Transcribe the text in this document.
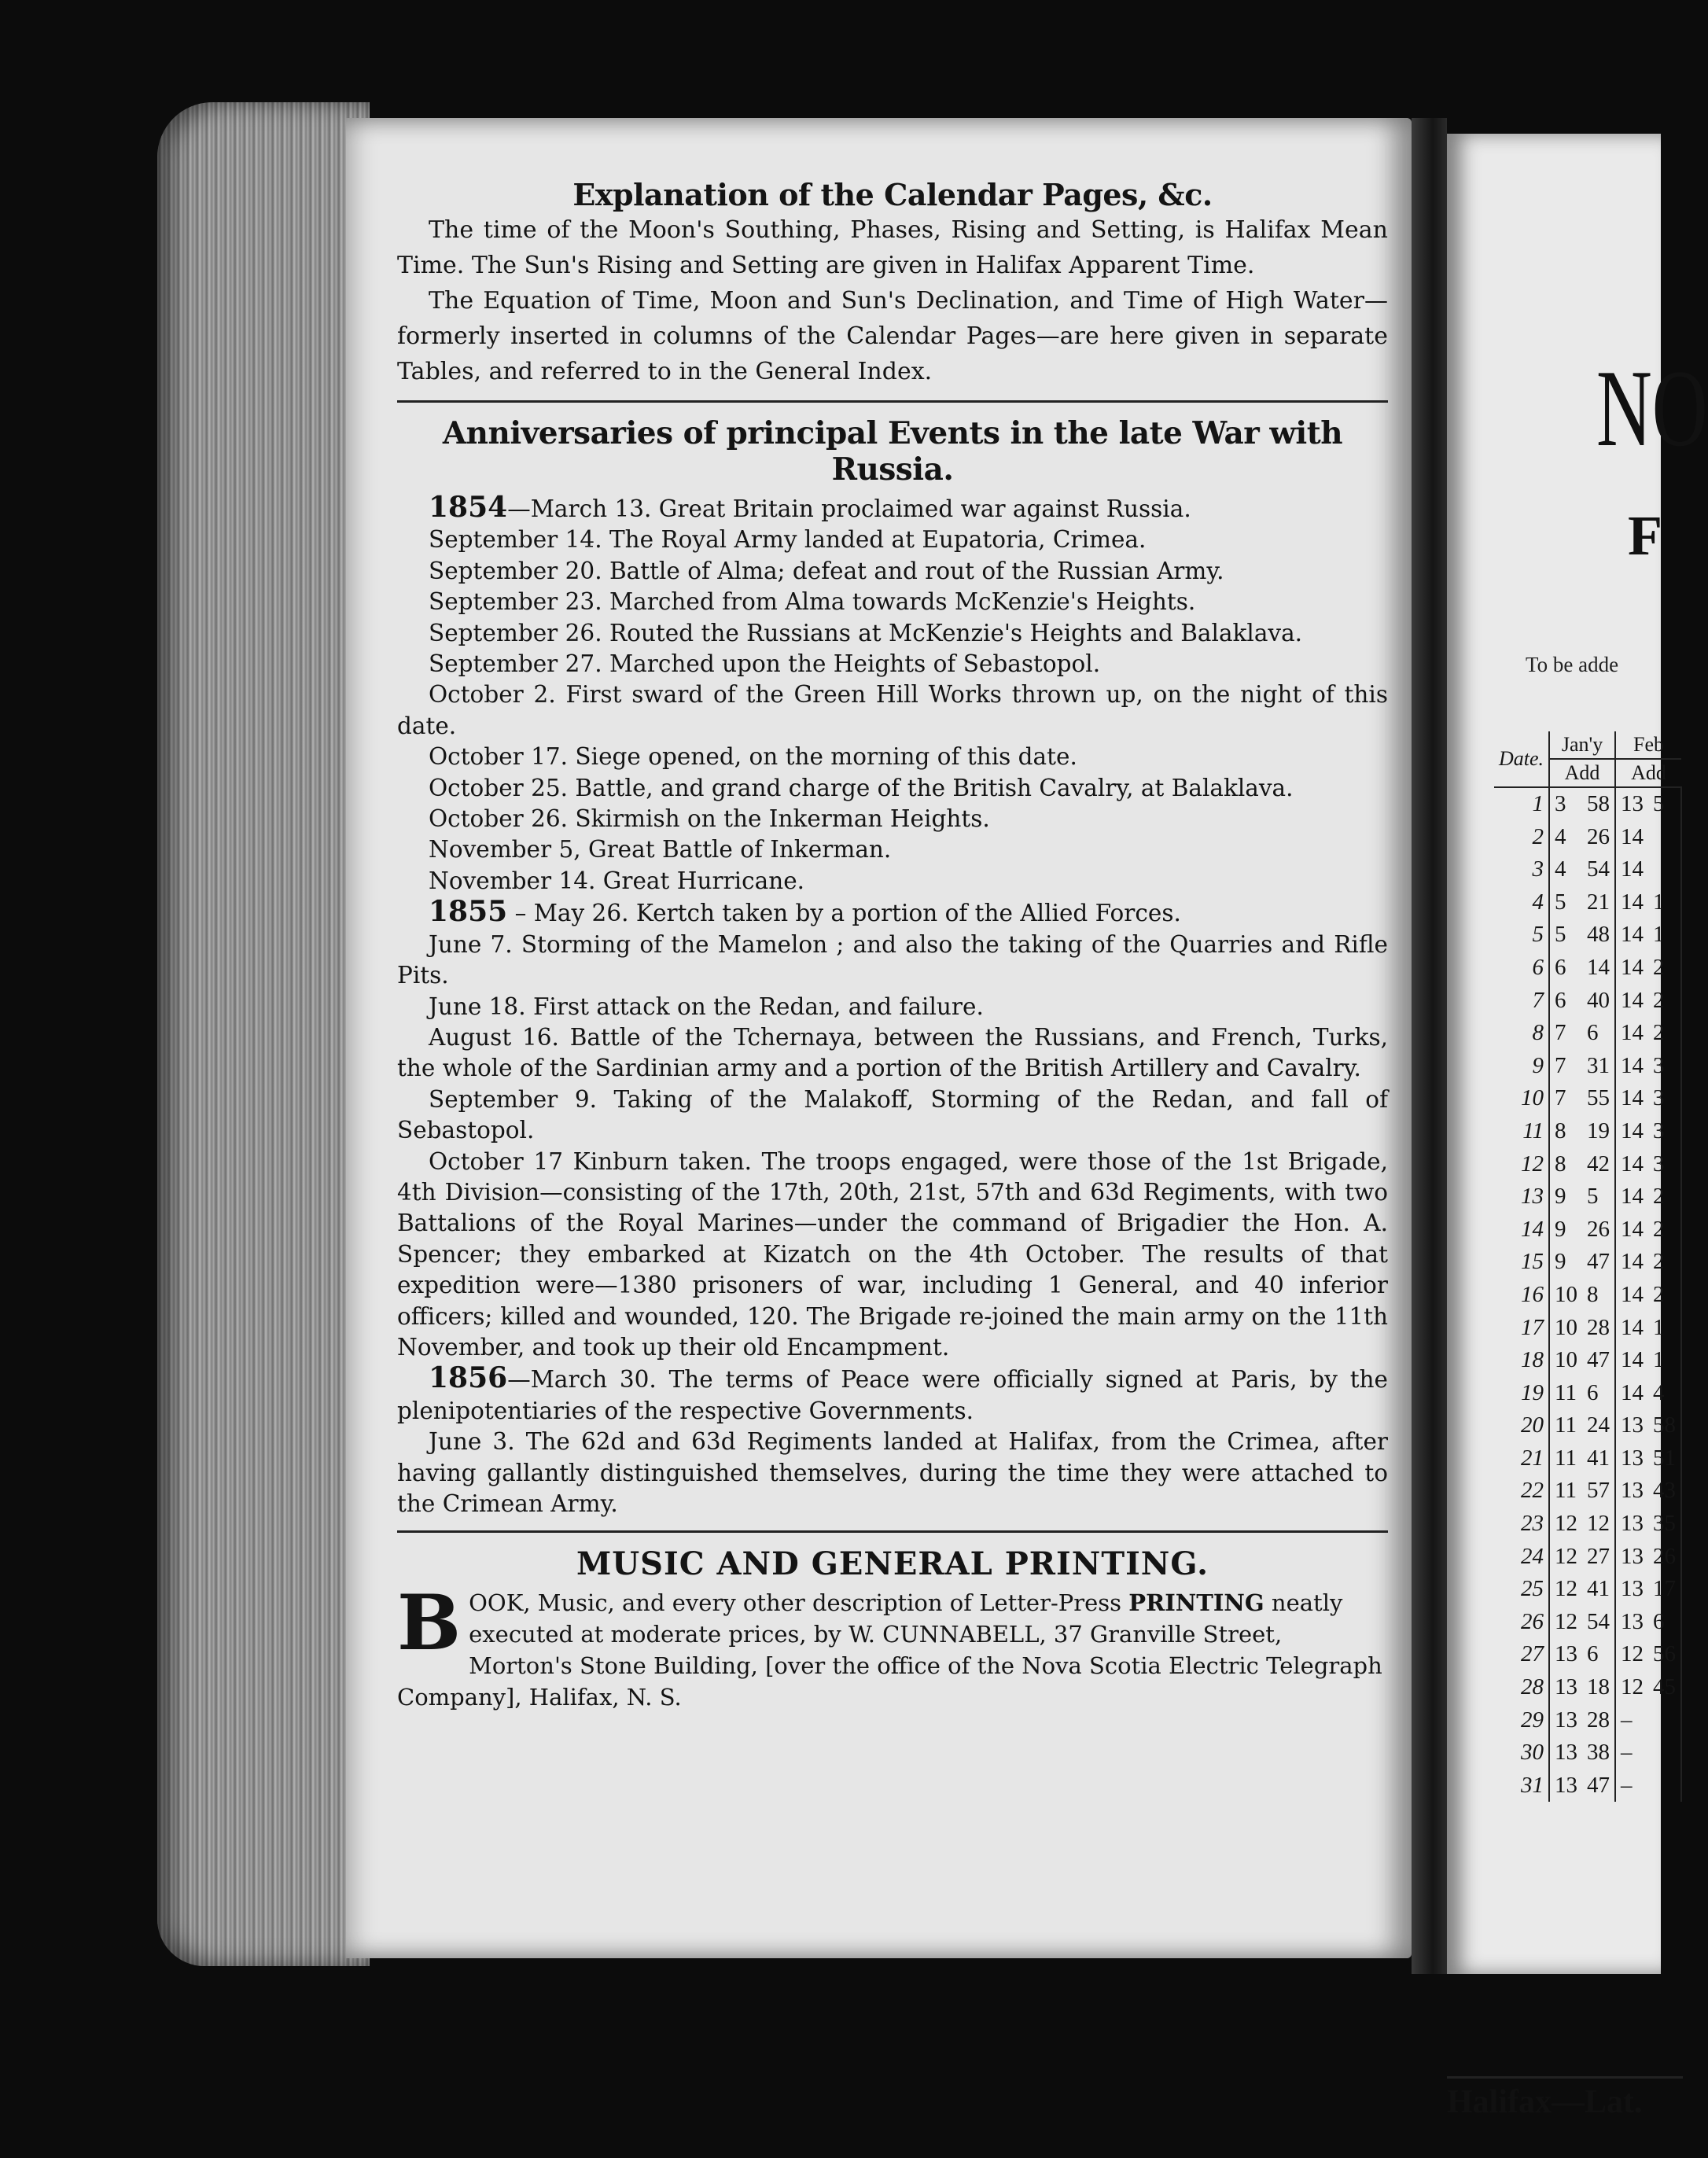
Explanation of the Calendar Pages, &c.

The time of the Moon's Southing, Phases, Rising and Setting, is Halifax Mean Time. The Sun's Rising and Setting are given in Halifax Apparent Time.

The Equation of Time, Moon and Sun's Declination, and Time of High Water—formerly inserted in columns of the Calendar Pages—are here given in separate Tables, and referred to in the General Index.

Anniversaries of principal Events in the late War with Russia.

1854—March 13. Great Britain proclaimed war against Russia.

September 14. The Royal Army landed at Eupatoria, Crimea.

September 20. Battle of Alma; defeat and rout of the Russian Army.

September 23. Marched from Alma towards McKenzie's Heights.

September 26. Routed the Russians at McKenzie's Heights and Balaklava.

September 27. Marched upon the Heights of Sebastopol.

October 2. First sward of the Green Hill Works thrown up, on the night of this date.

October 17. Siege opened, on the morning of this date.

October 25. Battle, and grand charge of the British Cavalry, at Balaklava.

October 26. Skirmish on the Inkerman Heights.

November 5, Great Battle of Inkerman.

November 14. Great Hurricane.

1855 – May 26. Kertch taken by a portion of the Allied Forces.

June 7. Storming of the Mamelon ; and also the taking of the Quarries and Rifle Pits.

June 18. First attack on the Redan, and failure.

August 16. Battle of the Tchernaya, between the Russians, and French, Turks, the whole of the Sardinian army and a portion of the British Artillery and Cavalry.

September 9. Taking of the Malakoff, Storming of the Redan, and fall of Sebastopol.

October 17 Kinburn taken. The troops engaged, were those of the 1st Brigade, 4th Division—consisting of the 17th, 20th, 21st, 57th and 63d Regiments, with two Battalions of the Royal Marines—under the command of Brigadier the Hon. A. Spencer; they embarked at Kizatch on the 4th October. The results of that expedition were—1380 prisoners of war, including 1 General, and 40 inferior officers; killed and wounded, 120. The Brigade re-joined the main army on the 11th November, and took up their old Encampment.

1856—March 30. The terms of Peace were officially signed at Paris, by the plenipotentiaries of the respective Governments.

June 3. The 62d and 63d Regiments landed at Halifax, from the Crimea, after having gallantly distinguished themselves, during the time they were attached to the Crimean Army.

MUSIC AND GENERAL PRINTING.
BOOK, Music, and every other description of Letter-Press PRINTING neatly executed at moderate prices, by W. CUNNABELL, 37 Granville Street, Morton's Stone Building, [over the office of the Nova Scotia Electric Telegraph Company], Halifax, N. S.
NO
F
To be adde
Date.	Jan'y		Feb	
	Add		Add	
1	3	58	13	5
2	4	26	14	
3	4	54	14	
4	5	21	14	1
5	5	48	14	1
6	6	14	14	2
7	6	40	14	2
8	7	6	14	2
9	7	31	14	3
10	7	55	14	3
11	8	19	14	3
12	8	42	14	3
13	9	5	14	2
14	9	26	14	2
15	9	47	14	2
16	10	8	14	2
17	10	28	14	1
18	10	47	14	1
19	11	6	14	4
20	11	24	13	58
21	11	41	13	51
22	11	57	13	43
23	12	12	13	35
24	12	27	13	26
25	12	41	13	17
26	12	54	13	6
27	13	6	12	56
28	13	18	12	45
29	13	28	–	
30	13	38	–	
31	13	47	–	
Halifax—Lat.
